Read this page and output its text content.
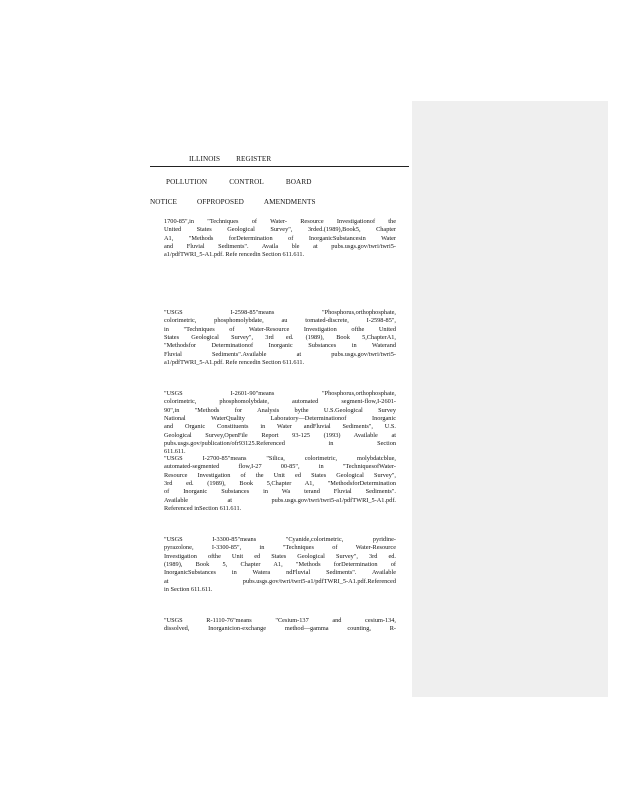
ILLINOIS REGISTER
POLLUTION	CONTROL	BOARD
NOTICE	OFPROPOSED	AMENDMENTS
1700-85",in "Techniques of Water- Resource Investigationof the
United States Geological Survey", 3rded.(1989),Book5, Chapter
A1, "Methods forDetermination of InorganicSubstancesin Water
and Fluvial Sediments". Availa ble at pubs.usgs.gov/twri/twri5-
a1/pdfTWRI_5-A1.pdf. Refe rencedin Section 611.611.
"USGS I-2598-85"means "Phosphorus,orthophosphate,
colorimetric, phosphomolybdate, au tomated-discrete, I-2598-85",
in "Techniques of Water-Resource Investigation ofthe United
States Geological Survey", 3rd ed. (1989), Book 5,ChapterA1,
"Methodsfor Determinationof Inorganic Substances in Waterand
Fluvial Sediments".Available at pubs.usgs.gov/twri/twri5-
a1/pdfTWRI_5-A1.pdf. Refe rencedin Section 611.611.
"USGS I-2601-90"means "Phosphorus,orthophosphate,
colorimetric, phosphomolybdate, automated segment-flow,I-2601-
90",in "Methods for Analysis bythe U.S.Geological Survey
National WaterQuality Laboratory—Determinationof Inorganic
and Organic Constituents in Water andFluvial Sediments", U.S.
Geological Survey,OpenFile Report 93-125 (1993) Available at
pubs.usgs.gov/publication/ofr93125.Referenced in Section
611.611.
"USGS I-2700-85"means "Silica, colorimetric, molybdatcblue,
automated-segmented flow,I-27 00-85", in "TechniquesofWater-
Resource Investigation of the Unit ed States Geological Survey",
3rd ed. (1989), Book 5,Chapter A1, "MethodsforDetermination
of Inorganic Substances in Wa terand Fluvial Sediments".
Available at pubs.usgs.gov/twri/twri5-a1/pdfTWRI_5-A1.pdf.
Referenced inSection 611.611.
"USGS I-3300-85"means "Cyanide,colorimetric, pyridine-
pyrazolone, I-3300-85", in "Techniques of Water-Resource
Investigation ofthe Unit ed States Geological Survey", 3rd ed.
(1989), Book 5, Chapter A1, "Methods forDetermination of
InorganicSubstances in Watera ndFluvial Sediments". Available
at pubs.usgs.gov/twri/twri5-a1/pdfTWRI_5-A1.pdf.Referenced
in Section 611.611.
"USGS R-1110-76"means "Cesium-137 and cesium-134,
dissolved, Inorganicion-exchange method—gamma counting, R-
